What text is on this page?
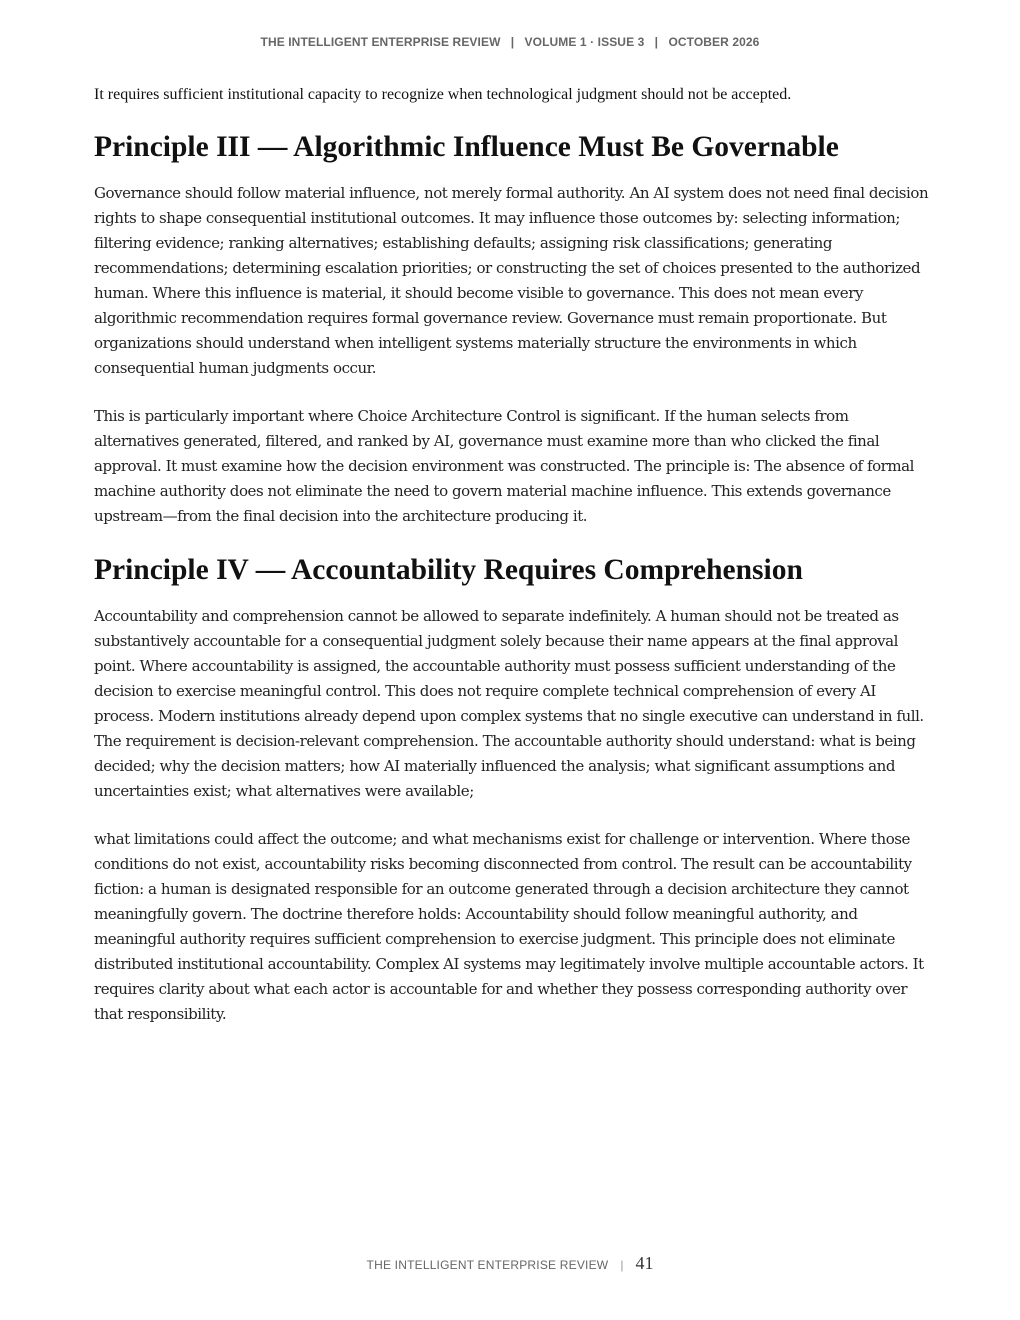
THE INTELLIGENT ENTERPRISE REVIEW   |   VOLUME 1 · ISSUE 3   |   OCTOBER 2026

It requires sufficient institutional capacity to recognize when technological judgment should not be accepted.

Principle III — Algorithmic Influence Must Be Governable

Governance should follow material influence, not merely formal authority. An AI system does not need final decision rights to shape consequential institutional outcomes. It may influence those outcomes by: selecting information; filtering evidence; ranking alternatives; establishing defaults; assigning risk classifications; generating recommendations; determining escalation priorities; or constructing the set of choices presented to the authorized human. Where this influence is material, it should become visible to governance. This does not mean every algorithmic recommendation requires formal governance review. Governance must remain proportionate. But organizations should understand when intelligent systems materially structure the environments in which consequential human judgments occur.

This is particularly important where Choice Architecture Control is significant. If the human selects from alternatives generated, filtered, and ranked by AI, governance must examine more than who clicked the final approval. It must examine how the decision environment was constructed. The principle is: The absence of formal machine authority does not eliminate the need to govern material machine influence. This extends governance upstream—from the final decision into the architecture producing it.

Principle IV — Accountability Requires Comprehension

Accountability and comprehension cannot be allowed to separate indefinitely. A human should not be treated as substantively accountable for a consequential judgment solely because their name appears at the final approval point. Where accountability is assigned, the accountable authority must possess sufficient understanding of the decision to exercise meaningful control. This does not require complete technical comprehension of every AI process. Modern institutions already depend upon complex systems that no single executive can understand in full. The requirement is decision-relevant comprehension. The accountable authority should understand: what is being decided; why the decision matters; how AI materially influenced the analysis; what significant assumptions and uncertainties exist; what alternatives were available;

what limitations could affect the outcome; and what mechanisms exist for challenge or intervention. Where those conditions do not exist, accountability risks becoming disconnected from control. The result can be accountability fiction: a human is designated responsible for an outcome generated through a decision architecture they cannot meaningfully govern. The doctrine therefore holds: Accountability should follow meaningful authority, and meaningful authority requires sufficient comprehension to exercise judgment. This principle does not eliminate distributed institutional accountability. Complex AI systems may legitimately involve multiple accountable actors. It requires clarity about what each actor is accountable for and whether they possess corresponding authority over that responsibility.

THE INTELLIGENT ENTERPRISE REVIEW | 41
